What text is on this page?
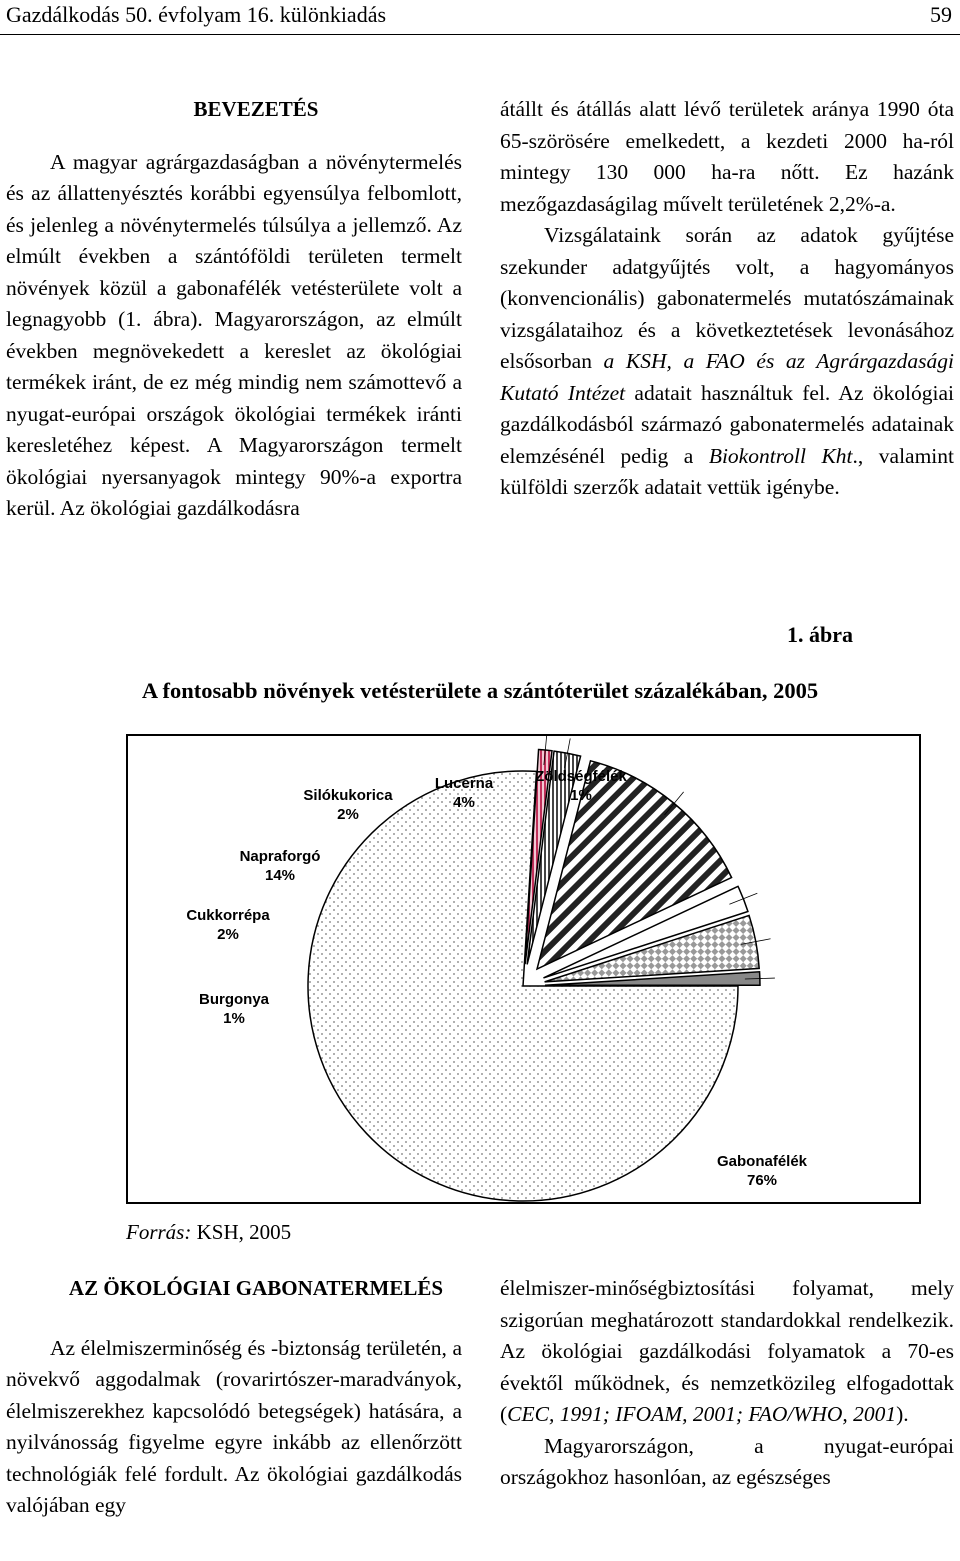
Gazdálkodás 50. évfolyam 16. különkiadás	59

BEVEZETÉS

A magyar agrárgazdaságban a növénytermelés és az állattenyésztés korábbi egyensúlya felbomlott, és jelenleg a növénytermelés túlsúlya a jellemző. Az elmúlt években a szántóföldi területen termelt növények közül a gabonafélék vetésterülete volt a legnagyobb (1. ábra). Magyarországon, az elmúlt években megnövekedett a kereslet az ökológiai termékek iránt, de ez még mindig nem számottevő a nyugat-európai országok ökológiai termékek iránti keresletéhez képest. A Magyarországon termelt ökológiai nyersanyagok mintegy 90%-a exportra kerül. Az ökológiai gazdálkodásra

átállt és átállás alatt lévő területek aránya 1990 óta 65-szörösére emelkedett, a kezdeti 2000 ha-ról mintegy 130 000 ha-ra nőtt. Ez hazánk mezőgazdaságilag művelt területének 2,2%-a.

Vizsgálataink során az adatok gyűjtése szekunder adatgyűjtés volt, a hagyományos (konvencionális) gabonatermelés mutatószámainak vizsgálataihoz és a következtetések levonásához elsősorban a KSH, a FAO és az Agrárgazdasági Kutató Intézet adatait használtuk fel. Az ökológiai gazdálkodásból származó gabonatermelés adatainak elemzésénél pedig a Biokontroll Kht., valamint külföldi szerzők adatait vettük igénybe.

1. ábra
A fontosabb növények vetésterülete a szántóterület százalékában, 2005
Gabonafélék
76%
Burgonya
1%
Cukkorrépa
2%
Napraforgó
14%
Silókukorica
2%
Lucerna
4%
Zöldségfélék
1%
Forrás: KSH, 2005

AZ ÖKOLÓGIAI GABONATERMELÉS

Az élelmiszerminőség és -biztonság területén, a növekvő aggodalmak (rovarirtószer-maradványok, élelmiszerekhez kapcsolódó betegségek) hatására, a nyilvánosság figyelme egyre inkább az ellenőrzött technológiák felé fordult. Az ökológiai gazdálkodás valójában egy

élelmiszer-minőségbiztosítási folyamat, mely szigorúan meghatározott standardokkal rendelkezik. Az ökológiai gazdálkodási folyamatok a 70-es évektől működnek, és nemzetközileg elfogadottak (CEC, 1991; IFOAM, 2001; FAO/WHO, 2001).

Magyarországon, a nyugat-európai országokhoz hasonlóan, az egészséges
